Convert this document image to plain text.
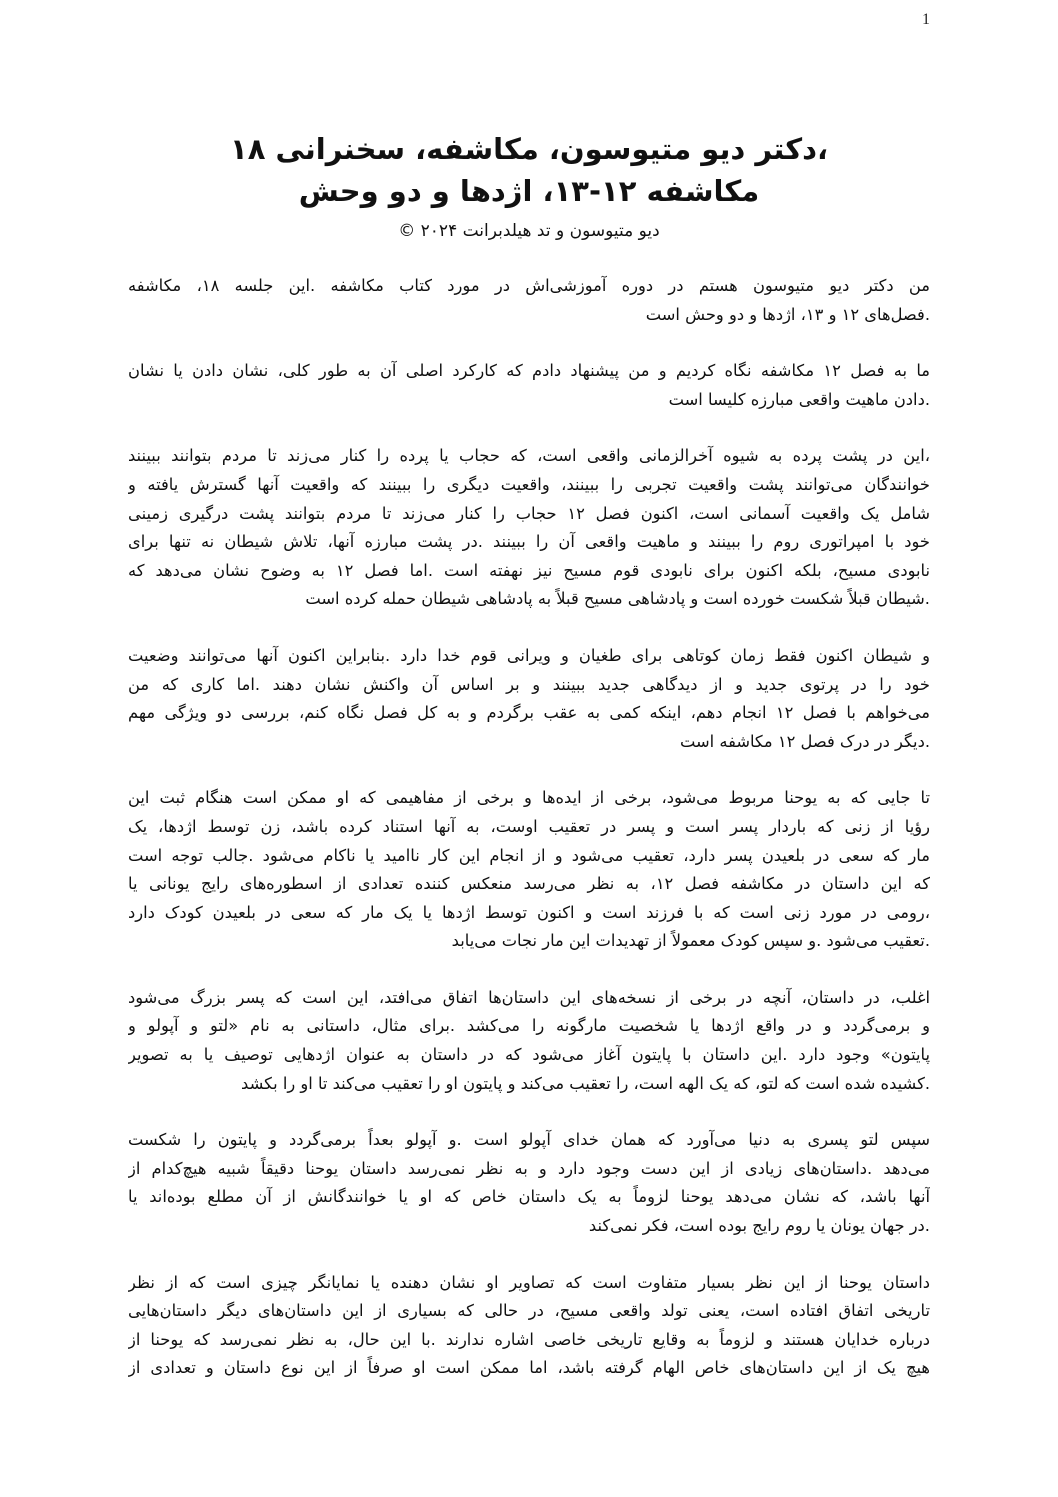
1
،دکتر دیو متیوسون، مکاشفه، سخنرانی ۱۸
مکاشفه ۱۲-۱۳، اژدها و دو وحش
دیو متیوسون و تد هیلدبرانت ۲۰۲۴ ©

من دکتر دیو متیوسون هستم در دوره آموزشی‌اش در مورد کتاب مکاشفه .این جلسه ۱۸، مکاشفه
.فصل‌های ۱۲ و ۱۳، اژدها و دو وحش است

ما به فصل ۱۲ مکاشفه نگاه کردیم و من پیشنهاد دادم که کارکرد اصلی آن به طور کلی، نشان دادن یا نشان
.دادن ماهیت واقعی مبارزه کلیسا است

،این در پشت پرده به شیوه آخرالزمانی واقعی است، که حجاب یا پرده را کنار می‌زند تا مردم بتوانند ببینند
خوانندگان می‌توانند پشت واقعیت تجربی را ببینند، واقعیت دیگری را ببینند که واقعیت آنها گسترش یافته و
شامل یک واقعیت آسمانی است، اکنون فصل ۱۲ حجاب را کنار می‌زند تا مردم بتوانند پشت درگیری زمینی
خود با امپراتوری روم را ببینند و ماهیت واقعی آن را ببینند .در پشت مبارزه آنها، تلاش شیطان نه تنها برای
نابودی مسیح، بلکه اکنون برای نابودی قوم مسیح نیز نهفته است .اما فصل ۱۲ به وضوح نشان می‌دهد که
.شیطان قبلاً شکست خورده است و پادشاهی مسیح قبلاً به پادشاهی شیطان حمله کرده است

و شیطان اکنون فقط زمان کوتاهی برای طغیان و ویرانی قوم خدا دارد .بنابراین اکنون آنها می‌توانند وضعیت
خود را در پرتوی جدید و از دیدگاهی جدید ببینند و بر اساس آن واکنش نشان دهند .اما کاری که من
می‌خواهم با فصل ۱۲ انجام دهم، اینکه کمی به عقب برگردم و به کل فصل نگاه کنم، بررسی دو ویژگی مهم
.دیگر در درک فصل ۱۲ مکاشفه است

تا جایی که به یوحنا مربوط می‌شود، برخی از ایده‌ها و برخی از مفاهیمی که او ممکن است هنگام ثبت این
رؤیا از زنی که باردار پسر است و پسر در تعقیب اوست، به آنها استناد کرده باشد، زن توسط اژدها، یک
مار که سعی در بلعیدن پسر دارد، تعقیب می‌شود و از انجام این کار ناامید یا ناکام می‌شود .جالب توجه است
که این داستان در مکاشفه فصل ۱۲، به نظر می‌رسد منعکس کننده تعدادی از اسطوره‌های رایج یونانی یا
،رومی در مورد زنی است که با فرزند است و اکنون توسط اژدها یا یک مار که سعی در بلعیدن کودک دارد
.تعقیب می‌شود .و سپس کودک معمولاً از تهدیدات این مار نجات می‌یابد

اغلب، در داستان، آنچه در برخی از نسخه‌های این داستان‌ها اتفاق می‌افتد، این است که پسر بزرگ می‌شود
و برمی‌گردد و در واقع اژدها یا شخصیت مارگونه را می‌کشد .برای مثال، داستانی به نام «لتو و آپولو و
پایتون» وجود دارد .این داستان با پایتون آغاز می‌شود که در داستان به عنوان اژدهایی توصیف یا به تصویر
.کشیده شده است که لتو، که یک الهه است، را تعقیب می‌کند و پایتون او را تعقیب می‌کند تا او را بکشد

سپس لتو پسری به دنیا می‌آورد که همان خدای آپولو است .و آپولو بعداً برمی‌گردد و پایتون را شکست
می‌دهد .داستان‌های زیادی از این دست وجود دارد و به نظر نمی‌رسد داستان یوحنا دقیقاً شبیه هیچ‌کدام از
آنها باشد، که نشان می‌دهد یوحنا لزوماً به یک داستان خاص که او یا خوانندگانش از آن مطلع بوده‌اند یا
.در جهان یونان یا روم رایج بوده است، فکر نمی‌کند

داستان یوحنا از این نظر بسیار متفاوت است که تصاویر او نشان دهنده یا نمایانگر چیزی است که از نظر
تاریخی اتفاق افتاده است، یعنی تولد واقعی مسیح، در حالی که بسیاری از این داستان‌های دیگر داستان‌هایی
درباره خدایان هستند و لزوماً به وقایع تاریخی خاصی اشاره ندارند .با این حال، به نظر نمی‌رسد که یوحنا از
هیچ یک از این داستان‌های خاص الهام گرفته باشد، اما ممکن است او صرفاً از این نوع داستان و تعدادی از
